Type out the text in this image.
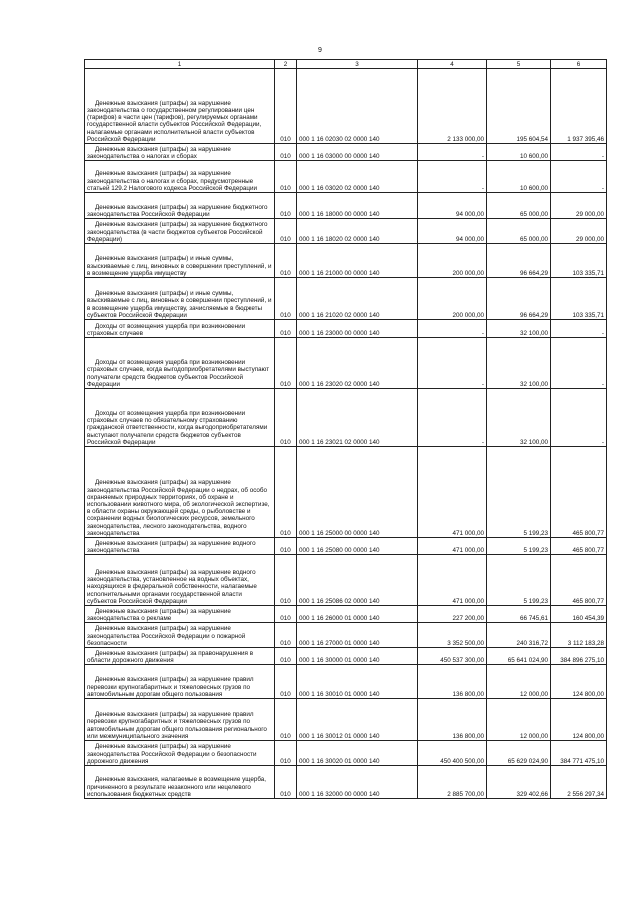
9
1	2	3	4	5	6
Денежные взыскания (штрафы) за нарушение законодательства о государственном регулировании цен (тарифов) в части цен (тарифов), регулируемых органами государственной власти субъектов Российской Федерации, налагаемые органами исполнительной власти субъектов Российской Федерации	010	000 1 16 02030 02 0000 140	2 133 000,00	195 604,54	1 937 395,46
Денежные взыскания (штрафы) за нарушение законодательства о налогах и сборах	010	000 1 16 03000 00 0000 140	-	10 600,00	-
Денежные взыскания (штрафы) за нарушение законодательства о налогах и сборах, предусмотренные статьей 129.2 Налогового кодекса Российской Федерации	010	000 1 16 03020 02 0000 140	-	10 600,00	-
Денежные взыскания (штрафы) за нарушение бюджетного законодательства Российской Федерации	010	000 1 16 18000 00 0000 140	94 000,00	65 000,00	29 000,00
Денежные взыскания (штрафы) за нарушение бюджетного законодательства (в части бюджетов субъектов Российской Федерации)	010	000 1 16 18020 02 0000 140	94 000,00	65 000,00	29 000,00
Денежные взыскания (штрафы) и иные суммы, взыскиваемые с лиц, виновных в совершении преступлений, и в возмещение ущерба имуществу	010	000 1 16 21000 00 0000 140	200 000,00	96 664,29	103 335,71
Денежные взыскания (штрафы) и иные суммы, взыскиваемые с лиц, виновных в совершении преступлений, и в возмещение ущерба имуществу, зачисляемые в бюджеты субъектов Российской Федерации	010	000 1 16 21020 02 0000 140	200 000,00	96 664,29	103 335,71
Доходы от возмещения ущерба при возникновении страховых случаев	010	000 1 16 23000 00 0000 140	-	32 100,00	-
Доходы от возмещения ущерба при возникновении страховых случаев, когда выгодоприобретателями выступают получатели средств бюджетов субъектов Российской Федерации	010	000 1 16 23020 02 0000 140	-	32 100,00	-
Доходы от возмещения ущерба при возникновении страховых случаев по обязательному страхованию гражданской ответственности, когда выгодоприобретателями выступают получатели средств бюджетов субъектов Российской Федерации	010	000 1 16 23021 02 0000 140	-	32 100,00	-
Денежные взыскания (штрафы) за нарушение законодательства Российской Федерации о недрах, об особо охраняемых природных территориях, об охране и использовании животного мира, об экологической экспертизе, в области охраны окружающей среды, о рыболовстве и сохранении водных биологических ресурсов, земельного законодательства, лесного законодательства, водного законодательства	010	000 1 16 25000 00 0000 140	471 000,00	5 199,23	465 800,77
Денежные взыскания (штрафы) за нарушение водного законодательства	010	000 1 16 25080 00 0000 140	471 000,00	5 199,23	465 800,77
Денежные взыскания (штрафы) за нарушение водного законодательства, установленное на водных объектах, находящихся в федеральной собственности, налагаемые исполнительными органами государственной власти субъектов Российской Федерации	010	000 1 16 25086 02 0000 140	471 000,00	5 199,23	465 800,77
Денежные взыскания (штрафы) за нарушение законодательства о рекламе	010	000 1 16 26000 01 0000 140	227 200,00	66 745,61	160 454,39
Денежные взыскания (штрафы) за нарушение законодательства Российской Федерации о пожарной безопасности	010	000 1 16 27000 01 0000 140	3 352 500,00	240 316,72	3 112 183,28
Денежные взыскания (штрафы) за правонарушения в области дорожного движения	010	000 1 16 30000 01 0000 140	450 537 300,00	65 641 024,90	384 896 275,10
Денежные взыскания (штрафы) за нарушение правил перевозки крупногабаритных и тяжеловесных грузов по автомобильным дорогам общего пользования	010	000 1 16 30010 01 0000 140	136 800,00	12 000,00	124 800,00
Денежные взыскания (штрафы) за нарушение правил перевозки крупногабаритных и тяжеловесных грузов по автомобильным дорогам общего пользования регионального или межмуниципального значения	010	000 1 16 30012 01 0000 140	136 800,00	12 000,00	124 800,00
Денежные взыскания (штрафы) за нарушение законодательства Российской Федерации о безопасности дорожного движения	010	000 1 16 30020 01 0000 140	450 400 500,00	65 629 024,90	384 771 475,10
Денежные взыскания, налагаемые в возмещение ущерба, причиненного в результате незаконного или нецелевого использования бюджетных средств	010	000 1 16 32000 00 0000 140	2 885 700,00	329 402,66	2 556 297,34
